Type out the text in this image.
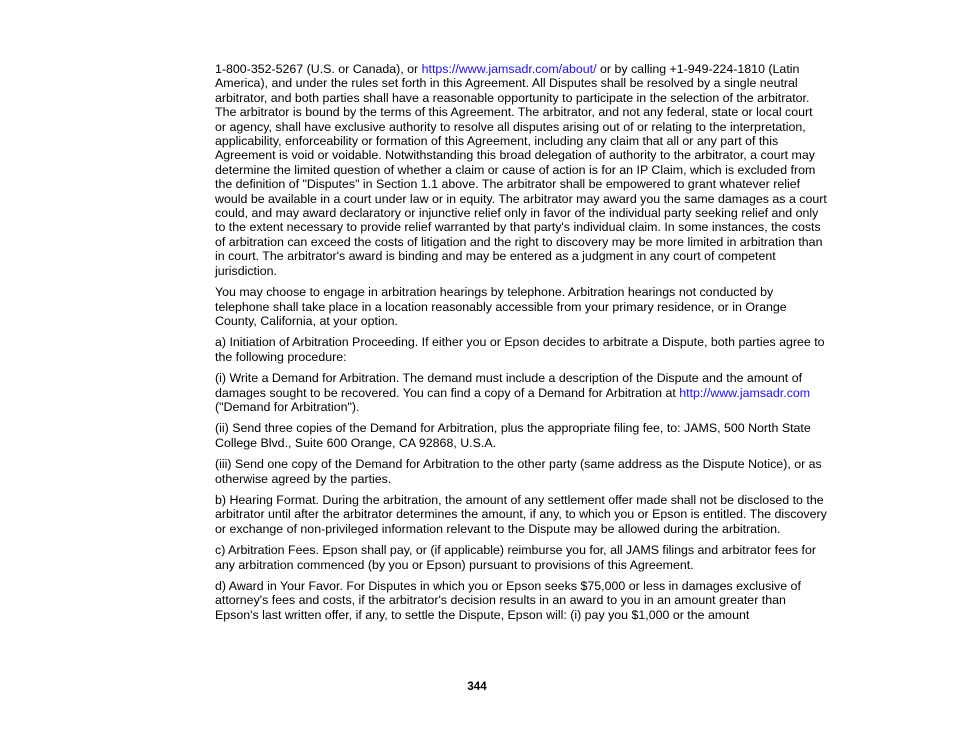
1-800-352-5267 (U.S. or Canada), or https://www.jamsadr.com/about/ or by calling +1-949-224-1810 (Latin America), and under the rules set forth in this Agreement. All Disputes shall be resolved by a single neutral arbitrator, and both parties shall have a reasonable opportunity to participate in the selection of the arbitrator. The arbitrator is bound by the terms of this Agreement. The arbitrator, and not any federal, state or local court or agency, shall have exclusive authority to resolve all disputes arising out of or relating to the interpretation, applicability, enforceability or formation of this Agreement, including any claim that all or any part of this Agreement is void or voidable. Notwithstanding this broad delegation of authority to the arbitrator, a court may determine the limited question of whether a claim or cause of action is for an IP Claim, which is excluded from the definition of "Disputes" in Section 1.1 above. The arbitrator shall be empowered to grant whatever relief would be available in a court under law or in equity. The arbitrator may award you the same damages as a court could, and may award declaratory or injunctive relief only in favor of the individual party seeking relief and only to the extent necessary to provide relief warranted by that party's individual claim. In some instances, the costs of arbitration can exceed the costs of litigation and the right to discovery may be more limited in arbitration than in court. The arbitrator's award is binding and may be entered as a judgment in any court of competent jurisdiction.

You may choose to engage in arbitration hearings by telephone. Arbitration hearings not conducted by telephone shall take place in a location reasonably accessible from your primary residence, or in Orange County, California, at your option.

a) Initiation of Arbitration Proceeding. If either you or Epson decides to arbitrate a Dispute, both parties agree to the following procedure:

(i) Write a Demand for Arbitration. The demand must include a description of the Dispute and the amount of damages sought to be recovered. You can find a copy of a Demand for Arbitration at http://www.jamsadr.com ("Demand for Arbitration").

(ii) Send three copies of the Demand for Arbitration, plus the appropriate filing fee, to: JAMS, 500 North State College Blvd., Suite 600 Orange, CA 92868, U.S.A.

(iii) Send one copy of the Demand for Arbitration to the other party (same address as the Dispute Notice), or as otherwise agreed by the parties.

b) Hearing Format. During the arbitration, the amount of any settlement offer made shall not be disclosed to the arbitrator until after the arbitrator determines the amount, if any, to which you or Epson is entitled. The discovery or exchange of non-privileged information relevant to the Dispute may be allowed during the arbitration.

c) Arbitration Fees. Epson shall pay, or (if applicable) reimburse you for, all JAMS filings and arbitrator fees for any arbitration commenced (by you or Epson) pursuant to provisions of this Agreement.

d) Award in Your Favor. For Disputes in which you or Epson seeks $75,000 or less in damages exclusive of attorney's fees and costs, if the arbitrator's decision results in an award to you in an amount greater than Epson's last written offer, if any, to settle the Dispute, Epson will: (i) pay you $1,000 or the amount

344
